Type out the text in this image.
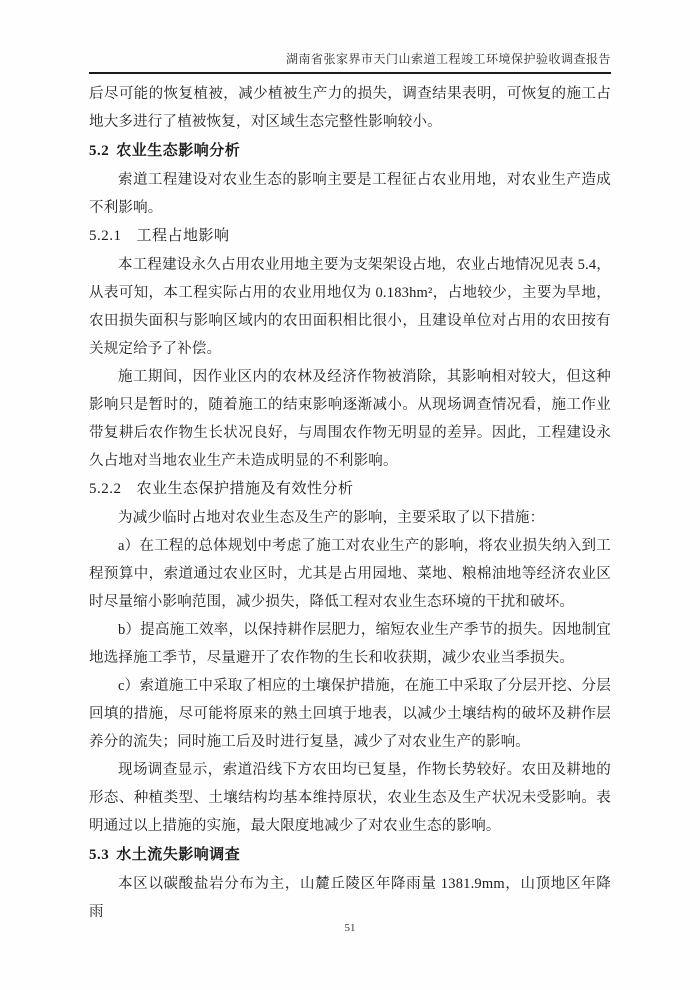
湖南省张家界市天门山索道工程竣工环境保护验收调查报告

后尽可能的恢复植被，减少植被生产力的损失，调查结果表明，可恢复的施工占地大多进行了植被恢复，对区域生态完整性影响较小。

5.2 农业生态影响分析

索道工程建设对农业生态的影响主要是工程征占农业用地，对农业生产造成不利影响。

5.2.1 工程占地影响

本工程建设永久占用农业用地主要为支架架设占地，农业占地情况见表 5.4，从表可知，本工程实际占用的农业用地仅为 0.183hm²，占地较少，主要为旱地，农田损失面积与影响区域内的农田面积相比很小，且建设单位对占用的农田按有关规定给予了补偿。

施工期间，因作业区内的农林及经济作物被消除，其影响相对较大，但这种影响只是暂时的，随着施工的结束影响逐渐减小。从现场调查情况看，施工作业带复耕后农作物生长状况良好，与周围农作物无明显的差异。因此，工程建设永久占地对当地农业生产未造成明显的不利影响。

5.2.2 农业生态保护措施及有效性分析

为减少临时占地对农业生态及生产的影响，主要采取了以下措施：

a）在工程的总体规划中考虑了施工对农业生产的影响，将农业损失纳入到工程预算中，索道通过农业区时，尤其是占用园地、菜地、粮棉油地等经济农业区时尽量缩小影响范围，减少损失，降低工程对农业生态环境的干扰和破坏。

b）提高施工效率，以保持耕作层肥力，缩短农业生产季节的损失。因地制宜地选择施工季节，尽量避开了农作物的生长和收获期，减少农业当季损失。

c）索道施工中采取了相应的土壤保护措施，在施工中采取了分层开挖、分层回填的措施，尽可能将原来的熟土回填于地表，以减少土壤结构的破坏及耕作层养分的流失；同时施工后及时进行复垦，减少了对农业生产的影响。

现场调查显示，索道沿线下方农田均已复垦，作物长势较好。农田及耕地的形态、种植类型、土壤结构均基本维持原状，农业生态及生产状况未受影响。表明通过以上措施的实施，最大限度地减少了对农业生态的影响。

5.3 水土流失影响调查

本区以碳酸盐岩分布为主，山麓丘陵区年降雨量 1381.9mm，山顶地区年降雨

51
